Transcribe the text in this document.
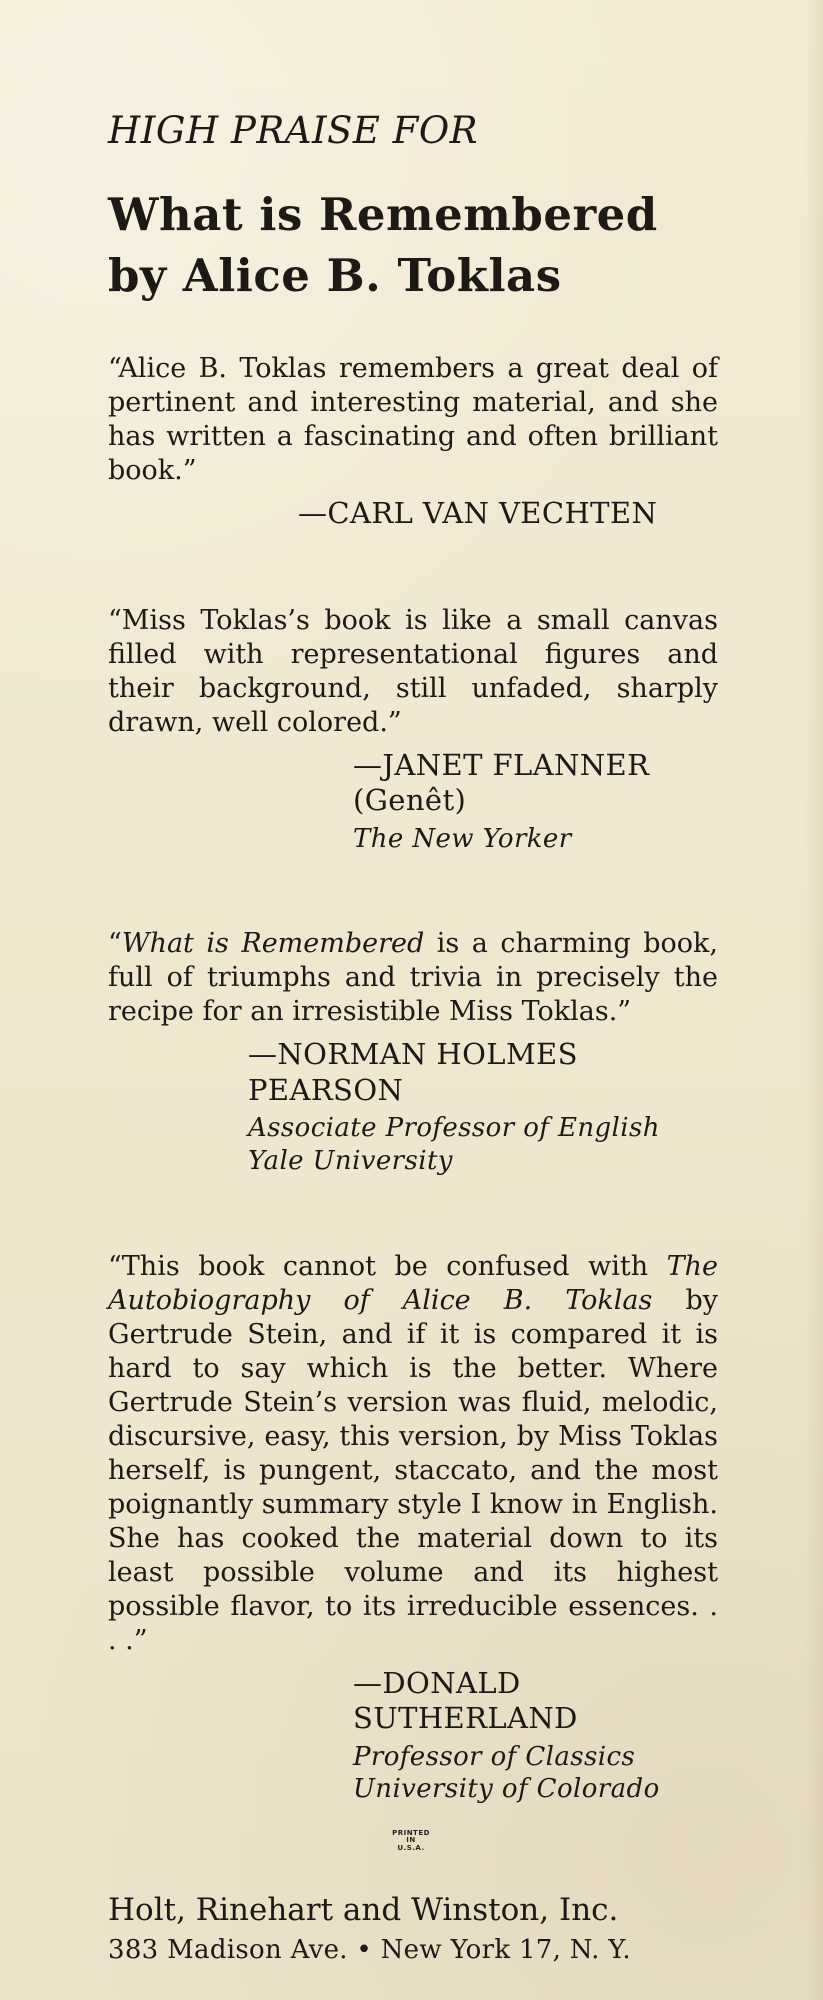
HIGH PRAISE FOR
What is Remembered
by Alice B. Toklas

“Alice B. Toklas remembers a great deal of pertinent and interesting material, and she has written a fascinating and often brilliant book.”

—CARL VAN VECHTEN

“Miss Toklas’s book is like a small canvas filled with representational figures and their background, still unfaded, sharply drawn, well colored.”

—JANET FLANNER (Genêt)
The New Yorker

“What is Remembered is a charming book, full of triumphs and trivia in precisely the recipe for an irresistible Miss Toklas.”

—NORMAN HOLMES PEARSON
Associate Professor of English
Yale University

“This book cannot be confused with The Autobiography of Alice B. Toklas by Gertrude Stein, and if it is compared it is hard to say which is the better. Where Gertrude Stein’s version was fluid, melodic, discursive, easy, this version, by Miss Toklas herself, is pungent, staccato, and the most poignantly summary style I know in English. She has cooked the material down to its least possible volume and its highest possible flavor, to its irreducible essences. . . .”

—DONALD SUTHERLAND
Professor of Classics
University of Colorado

Holt, Rinehart and Winston, Inc.

383 Madison Ave. • New York 17, N. Y.

PRINTED
IN
U.S.A.
